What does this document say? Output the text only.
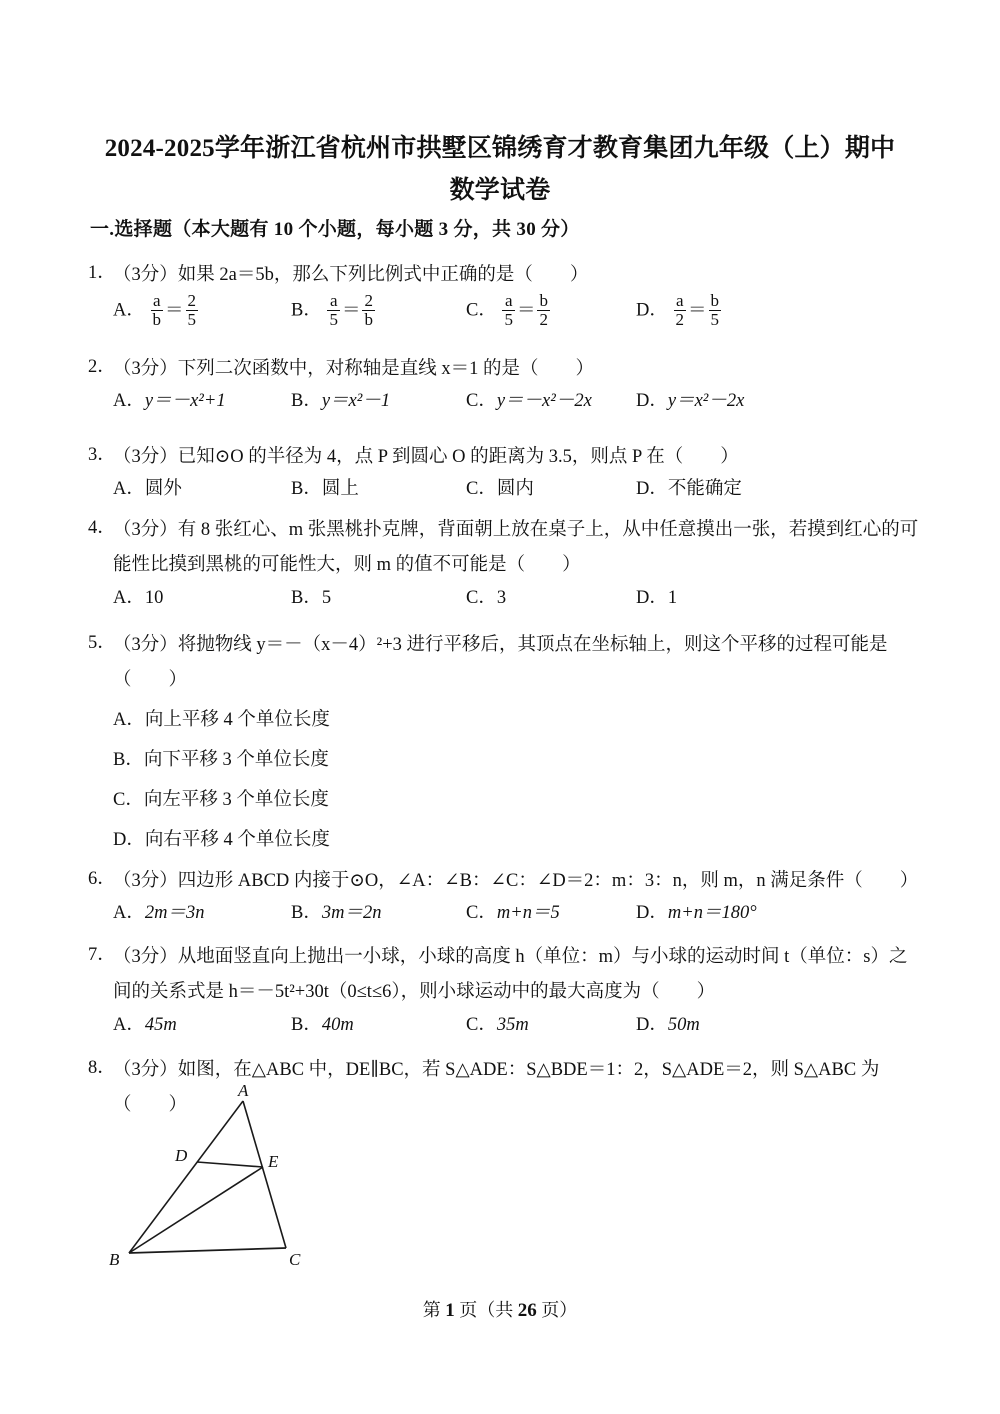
2024-2025学年浙江省杭州市拱墅区锦绣育才教育集团九年级（上）期中
数学试卷
一.选择题（本大题有 10 个小题，每小题 3 分，共 30 分）
1．
（3分）如果 2a＝5b，那么下列比例式中正确的是（　　）
A． $\frac{a}{b} = \frac{2}{5}$	B． $\frac{a}{5} = \frac{2}{b}$	C． $\frac{a}{5} = \frac{b}{2}$	D． $\frac{a}{2} = \frac{b}{5}$
2．
（3分）下列二次函数中，对称轴是直线 x＝1 的是（　　）
A．y＝－x²+1	B．y＝x²－1	C．y＝－x²－2x D．y＝x²－2x
3．
（3分）已知⊙O 的半径为 4，点 P 到圆心 O 的距离为 3.5，则点 P 在（　　）
A．圆外	B．圆上	C．圆内	D．不能确定
4．
（3分）有 8 张红心、m 张黑桃扑克牌，背面朝上放在桌子上，从中任意摸出一张，若摸到红心的可能性比摸到黑桃的可能性大，则 m 的值不可能是（　　）
A．10	B．5	C．3	D．1
5．
（3分）将抛物线 y＝－（x－4）²+3 进行平移后，其顶点在坐标轴上，则这个平移的过程可能是（　　）
A．向上平移 4 个单位长度
B．向下平移 3 个单位长度
C．向左平移 3 个单位长度
D．向右平移 4 个单位长度
6．
（3分）四边形 ABCD 内接于⊙O，∠A：∠B：∠C：∠D＝2：m：3：n，则 m，n 满足条件（　　）
A．2m＝3n	B．3m＝2n	C．m+n＝5	D．m+n＝180°
7．
（3分）从地面竖直向上抛出一小球，小球的高度 h（单位：m）与小球的运动时间 t（单位：s）之间的关系式是 h＝－5t²+30t（0≤t≤6），则小球运动中的最大高度为（　　）
A．45m	B．40m	C．35m	D．50m
8．
（3分）如图，在△ABC 中，DE∥BC，若 S△ADE：S△BDE＝1：2，S△ADE＝2，则 S△ABC 为（　　）
A
B	C
D	E
第 1 页（共 26 页）
